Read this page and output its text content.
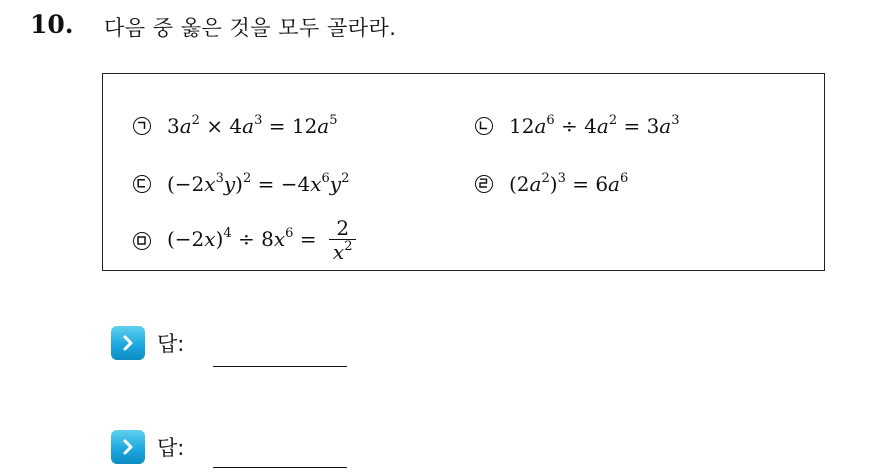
10. 다음 중 옳은 것을 모두 골라라.
$3a^2 \times 4a^3 = 12a^5$	$12a^6 \div 4a^2 = 3a^3$
$(-2x^3y)^2 = -4x^6y^2$	$(2a^2)^3 = 6a^6$
$(-2x)^4 \div 8x^6 = \frac{2}{x^2}$
답:
답:
